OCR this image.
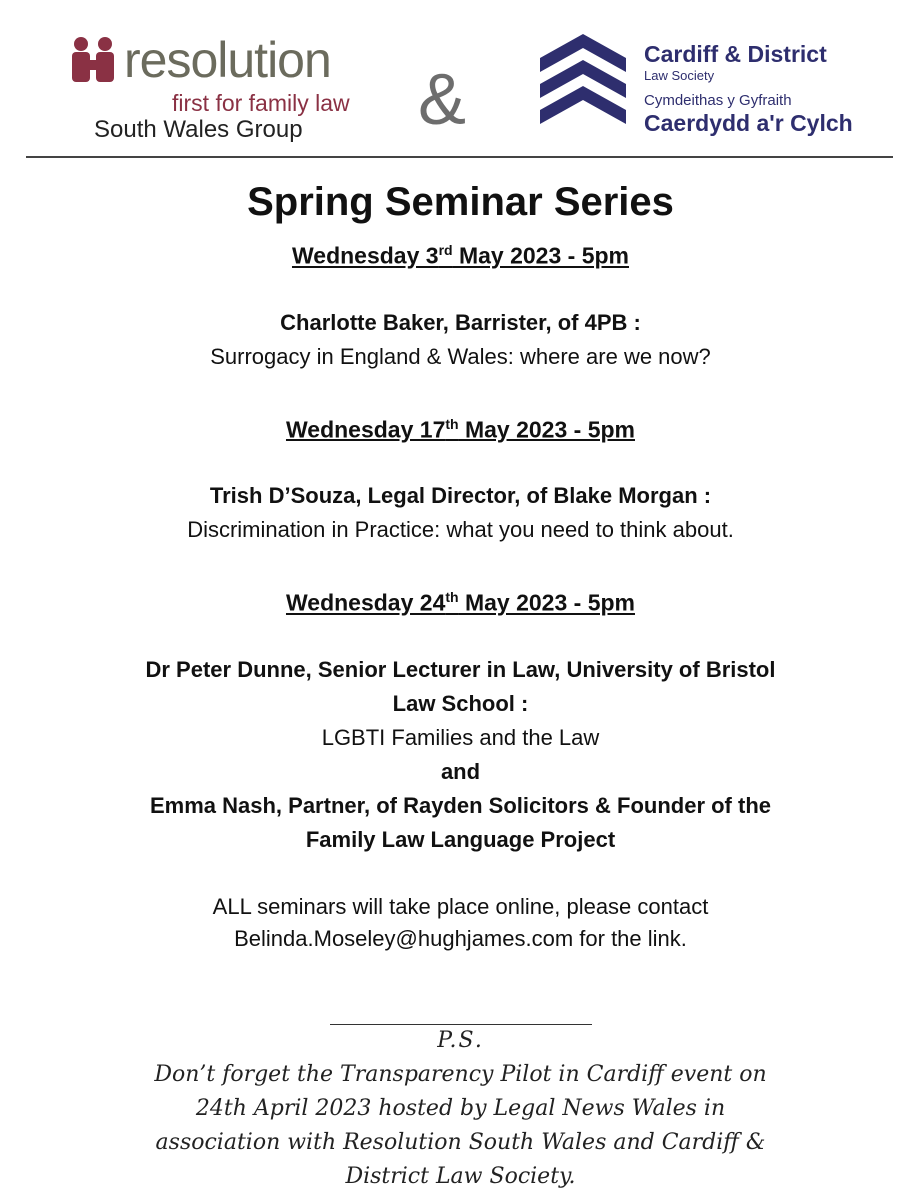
resolution
first for family law
South Wales Group &
Cardiff & District
Law Society
Cymdeithas y Gyfraith
Caerdydd a'r Cylch
Spring Seminar Series

Wednesday 3rd May 2023 - 5pm

Charlotte Baker, Barrister, of 4PB :

Surrogacy in England & Wales: where are we now?

Wednesday 17th May 2023 - 5pm

Trish D’Souza, Legal Director, of Blake Morgan :

Discrimination in Practice: what you need to think about.

Wednesday 24th May 2023 - 5pm

Dr Peter Dunne, Senior Lecturer in Law, University of Bristol
Law School :

LGBTI Families and the Law

and

Emma Nash, Partner, of Rayden Solicitors & Founder of the
Family Law Language Project

ALL seminars will take place online, please contact
Belinda.Moseley@hughjames.com for the link.

P.S.
Don’t forget the Transparency Pilot in Cardiff event on
24th April 2023 hosted by Legal News Wales in
association with Resolution South Wales and Cardiff &
District Law Society.
